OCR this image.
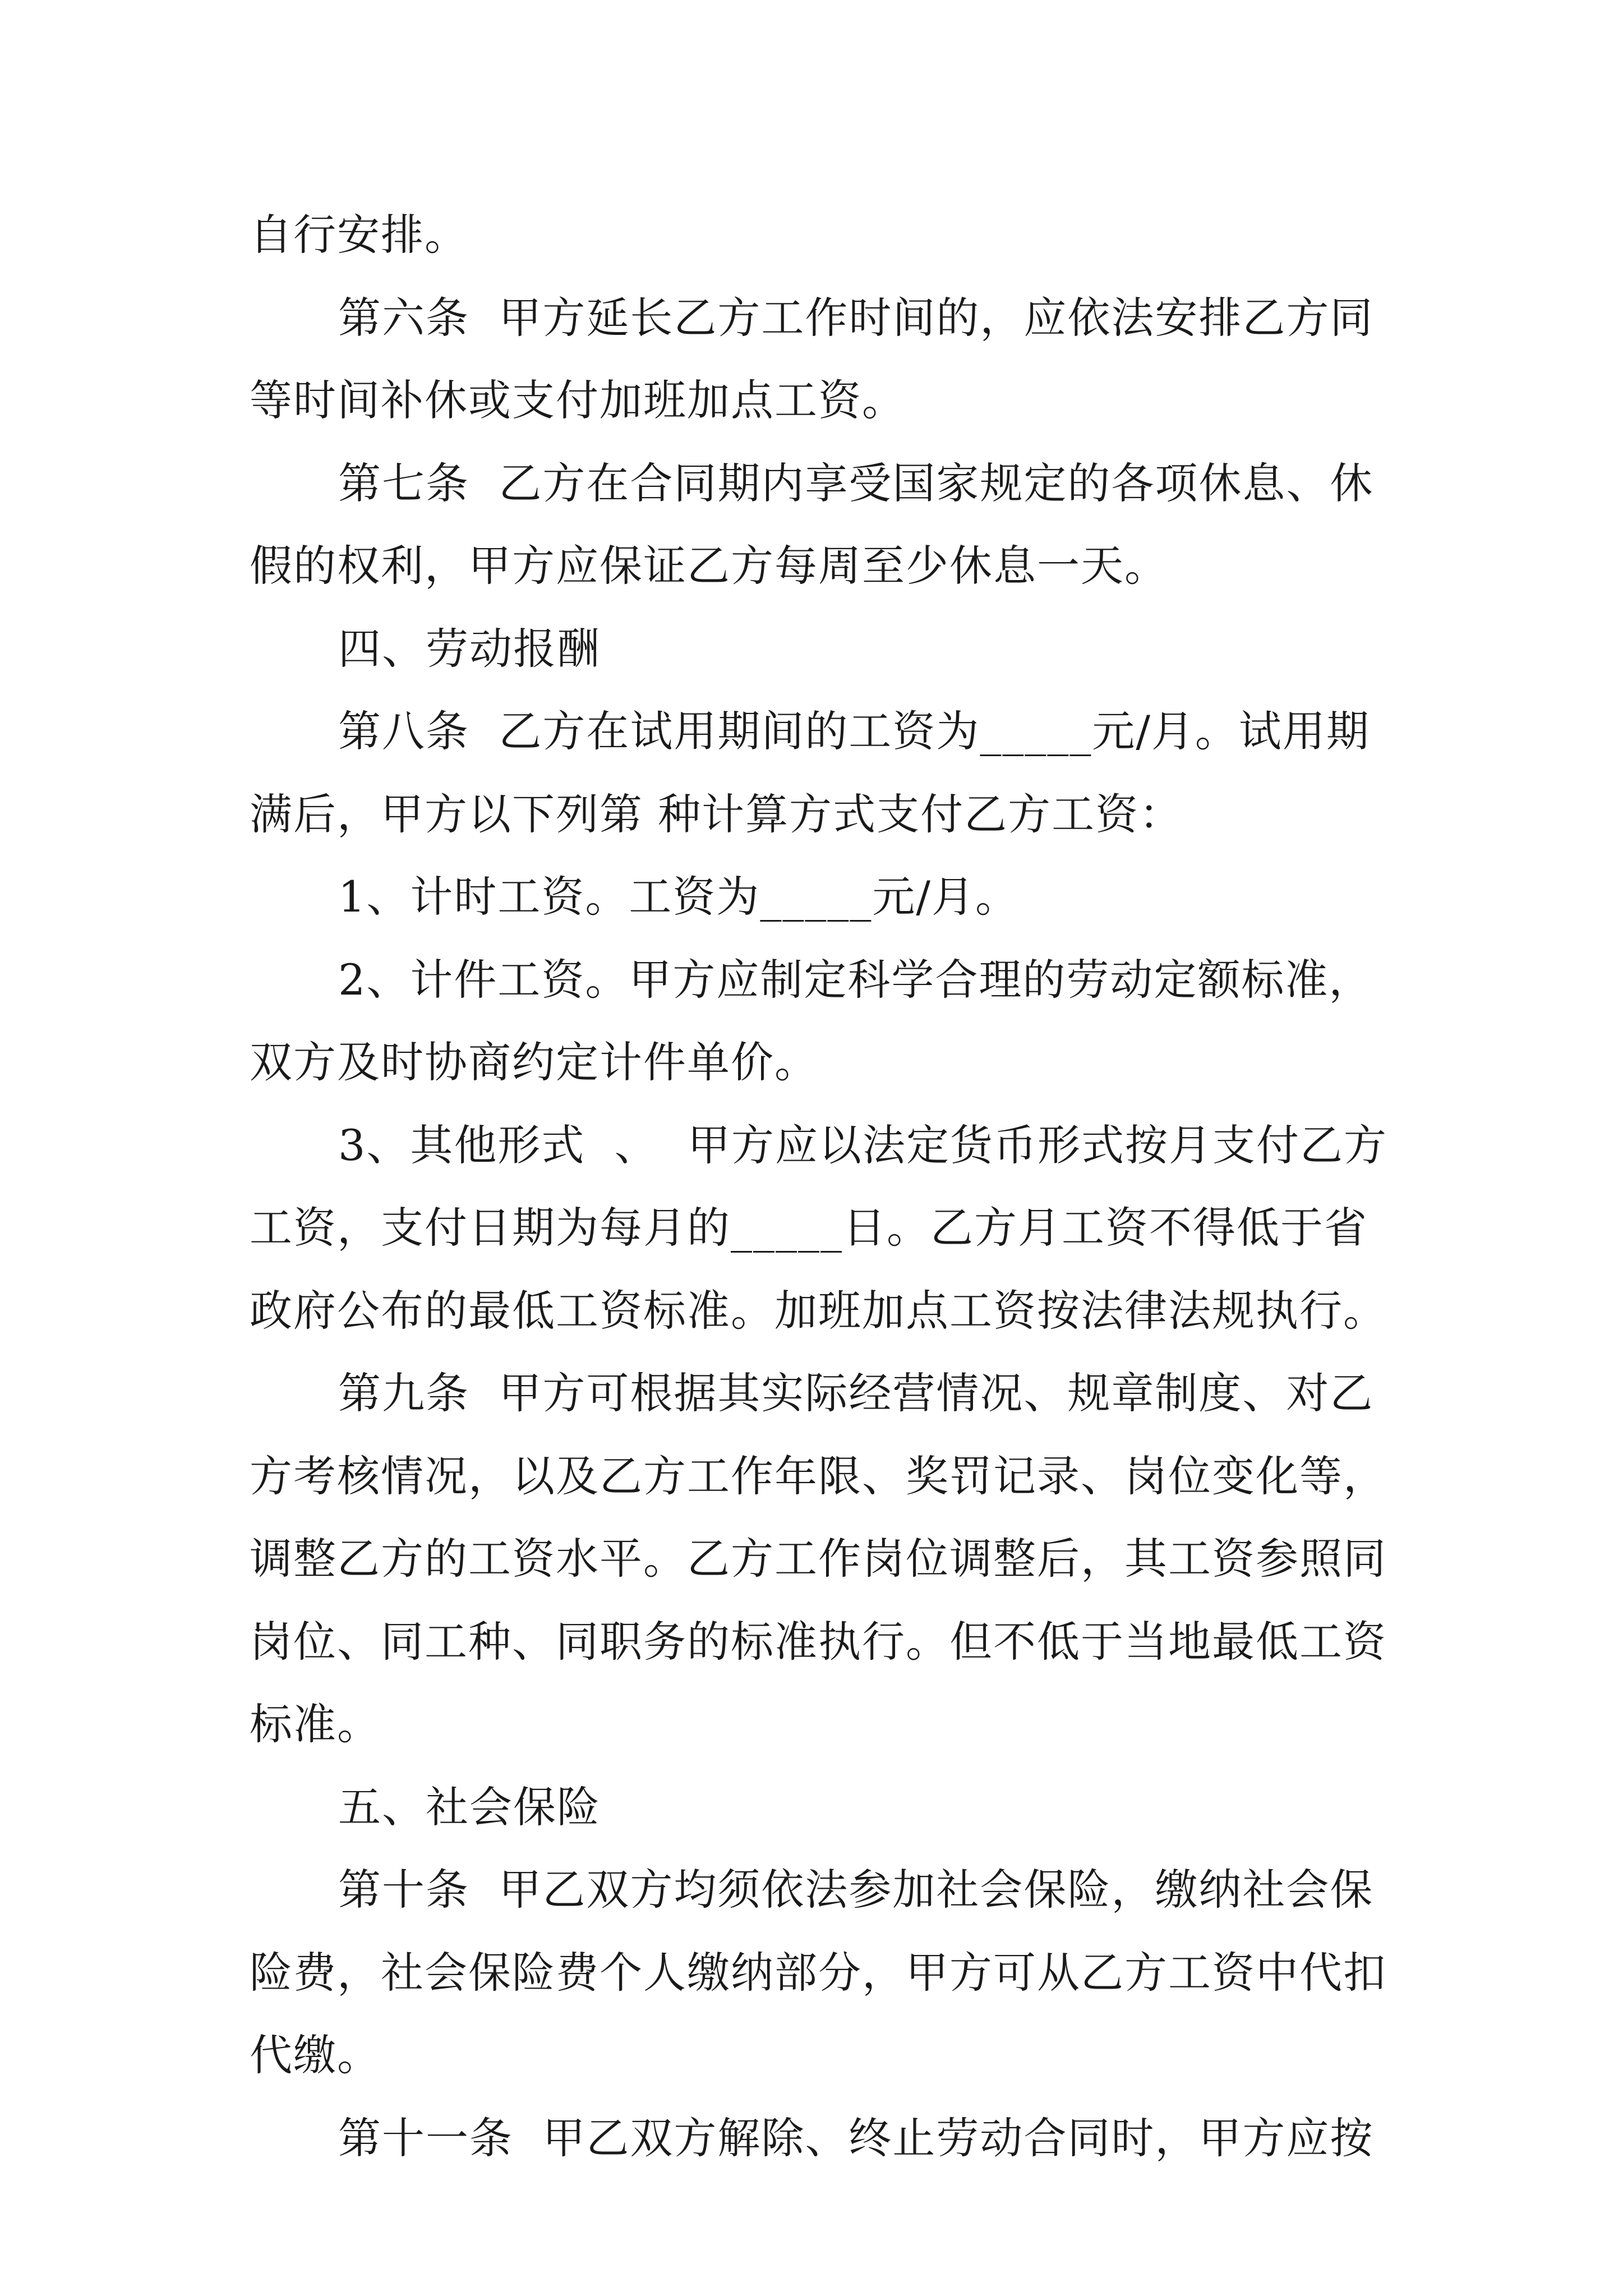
自行安排。
第六条  甲方延长乙方工作时间的，应依法安排乙方同
等时间补休或支付加班加点工资。
第七条  乙方在合同期内享受国家规定的各项休息、休
假的权利，甲方应保证乙方每周至少休息一天。
四、劳动报酬
第八条  乙方在试用期间的工资为_____元/月。试用期
满后，甲方以下列第 种计算方式支付乙方工资：
1、计时工资。工资为_____元/月。
2、计件工资。甲方应制定科学合理的劳动定额标准，
双方及时协商约定计件单价。
3、其他形式  、  甲方应以法定货币形式按月支付乙方
工资，支付日期为每月的_____日。乙方月工资不得低于省
政府公布的最低工资标准。加班加点工资按法律法规执行。
第九条  甲方可根据其实际经营情况、规章制度、对乙
方考核情况，以及乙方工作年限、奖罚记录、岗位变化等，
调整乙方的工资水平。乙方工作岗位调整后，其工资参照同
岗位、同工种、同职务的标准执行。但不低于当地最低工资
标准。
五、社会保险
第十条  甲乙双方均须依法参加社会保险，缴纳社会保
险费，社会保险费个人缴纳部分，甲方可从乙方工资中代扣
代缴。
第十一条  甲乙双方解除、终止劳动合同时，甲方应按
